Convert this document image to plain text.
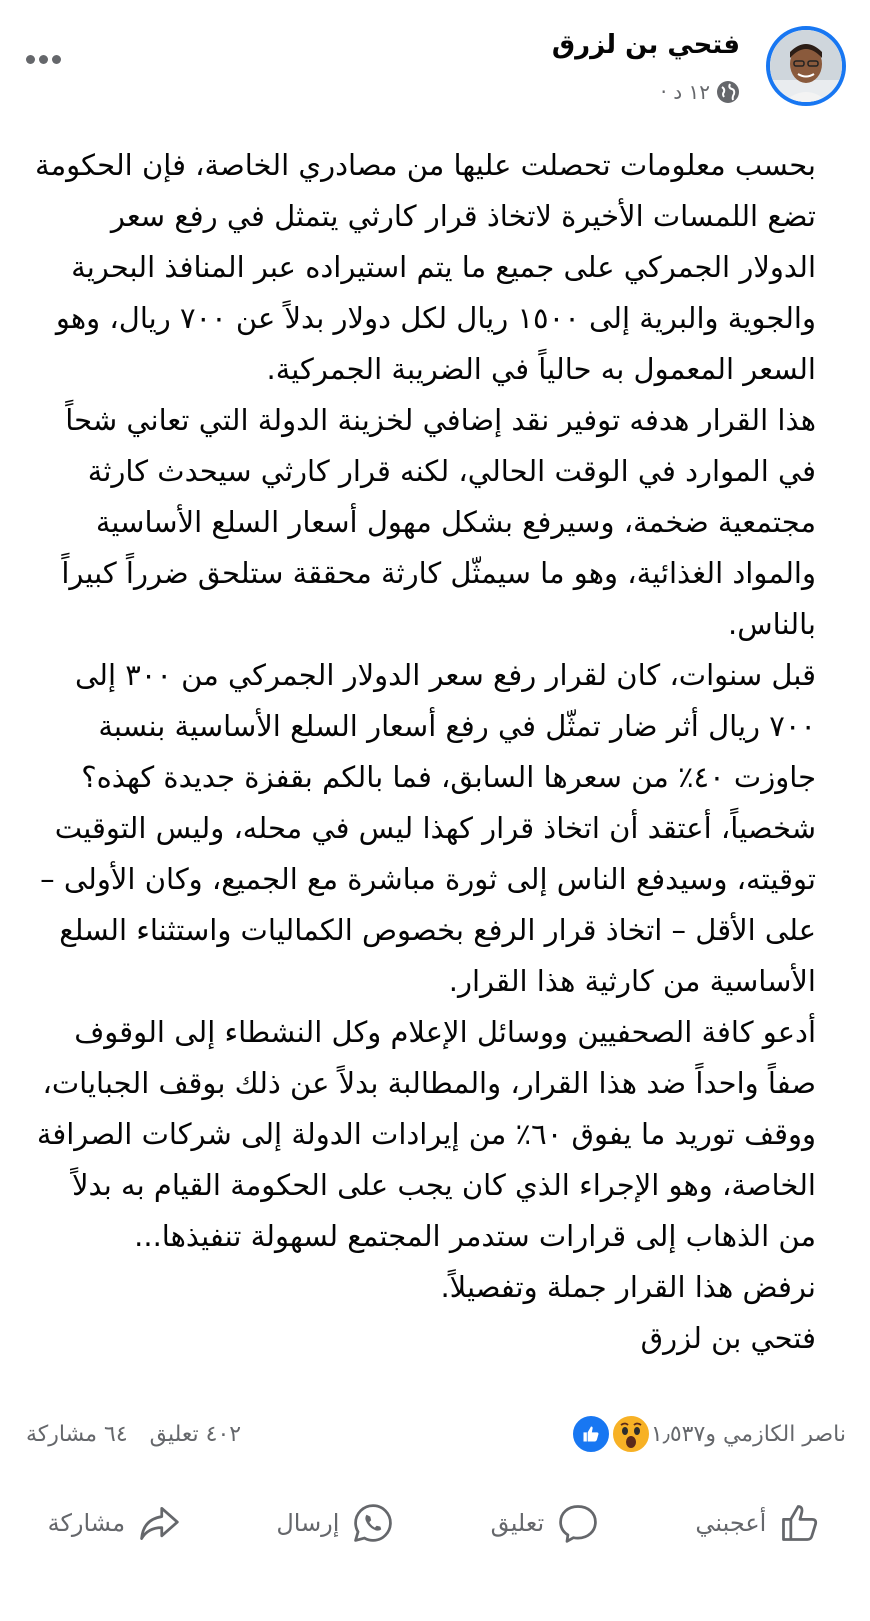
فتحي بن لزرق
١٢ د ·

بحسب معلومات تحصلت عليها من مصادري الخاصة، فإن الحكومة تضع اللمسات الأخيرة لاتخاذ قرار كارثي يتمثل في رفع سعر الدولار الجمركي على جميع ما يتم استيراده عبر المنافذ البحرية والجوية والبرية إلى ١٥٠٠ ريال لكل دولار بدلاً عن ٧٠٠ ريال، وهو السعر المعمول به حالياً في الضريبة الجمركية.

هذا القرار هدفه توفير نقد إضافي لخزينة الدولة التي تعاني شحاً في الموارد في الوقت الحالي، لكنه قرار كارثي سيحدث كارثة مجتمعية ضخمة، وسيرفع بشكل مهول أسعار السلع الأساسية والمواد الغذائية، وهو ما سيمثّل كارثة محققة ستلحق ضرراً كبيراً بالناس.

قبل سنوات، كان لقرار رفع سعر الدولار الجمركي من ٣٠٠ إلى ٧٠٠ ريال أثر ضار تمثّل في رفع أسعار السلع الأساسية بنسبة جاوزت ٤٠٪ من سعرها السابق، فما بالكم بقفزة جديدة كهذه؟

شخصياً، أعتقد أن اتخاذ قرار كهذا ليس في محله، وليس التوقيت توقيته، وسيدفع الناس إلى ثورة مباشرة مع الجميع، وكان الأولى – على الأقل – اتخاذ قرار الرفع بخصوص الكماليات واستثناء السلع الأساسية من كارثية هذا القرار.

أدعو كافة الصحفيين ووسائل الإعلام وكل النشطاء إلى الوقوف صفاً واحداً ضد هذا القرار، والمطالبة بدلاً عن ذلك بوقف الجبايات، ووقف توريد ما يفوق ٦٠٪ من إيرادات الدولة إلى شركات الصرافة الخاصة، وهو الإجراء الذي كان يجب على الحكومة القيام به بدلاً من الذهاب إلى قرارات ستدمر المجتمع لسهولة تنفيذها...

نرفض هذا القرار جملة وتفصيلاً.

فتحي بن لزرق

٤٠٢ تعليق
٦٤ مشاركة	ناصر الكازمي و١٫٥٣٧
أعجبني
تعليق
إرسال
مشاركة
